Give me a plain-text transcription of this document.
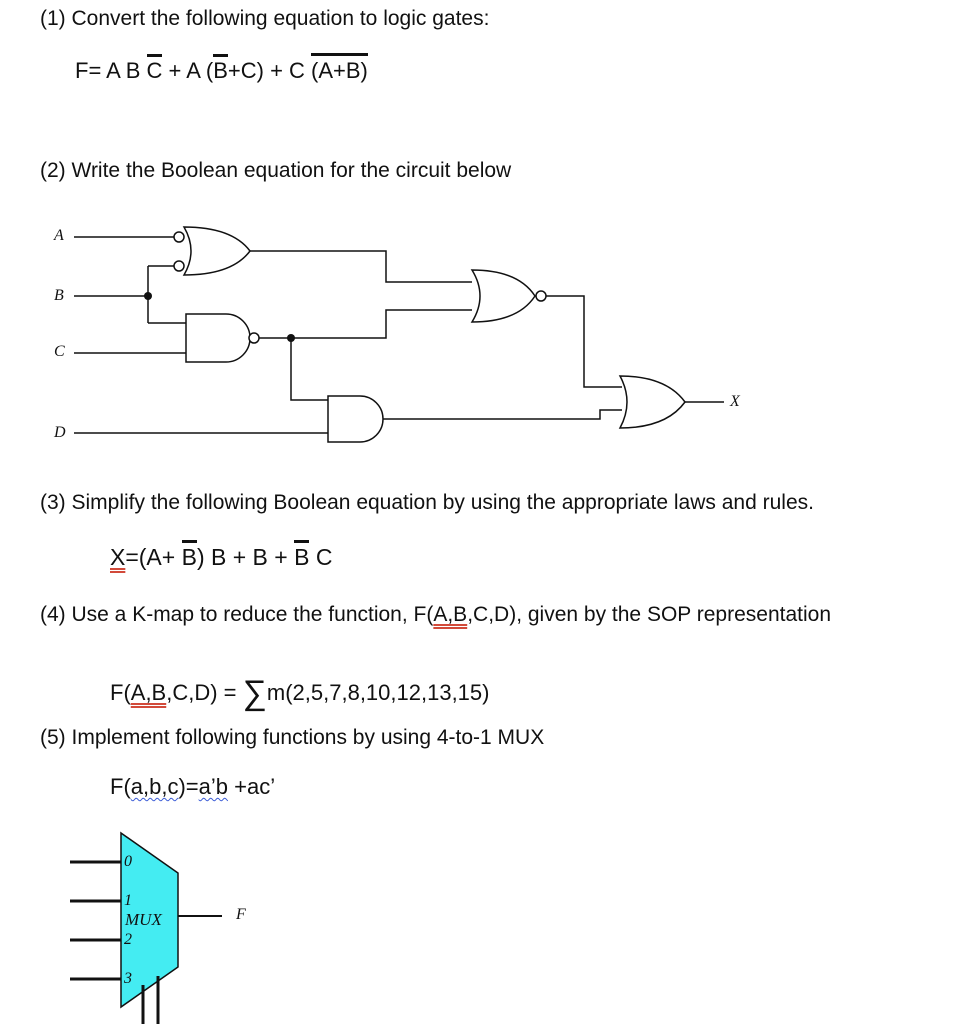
(1) Convert the following equation to logic gates:
F= A B C + A (B+C) + C (A+B)
(2) Write the Boolean equation for the circuit below
A
B
C
D
X
(3) Simplify the following Boolean equation by using the appropriate laws and rules.
X=(A+ B) B + B + B C
(4) Use a K-map to reduce the function, F(A,B,C,D), given by the SOP representation
F(A,B,C,D) = ∑m(2,5,7,8,10,12,13,15)
(5) Implement following functions by using 4-to-1 MUX
F(a,b,c)=a’b +ac’
0
1
MUX
2
3
F
